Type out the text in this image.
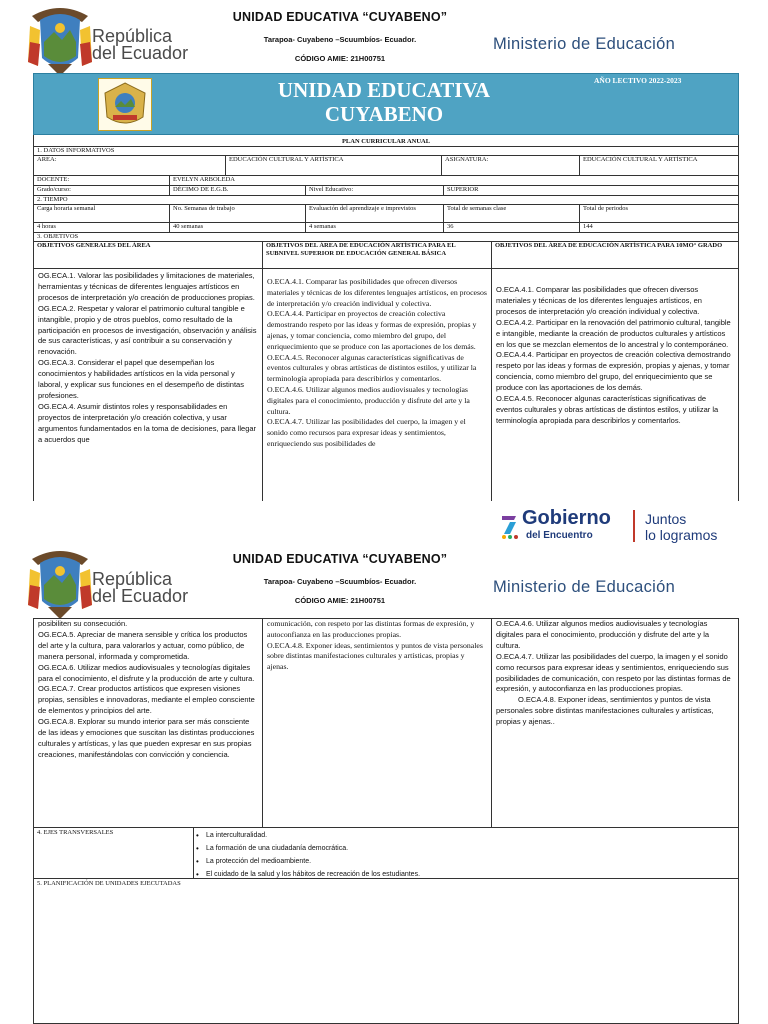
República
del Ecuador
UNIDAD EDUCATIVA “CUYABENO”
Tarapoa- Cuyabeno –Scuumbíos- Ecuador.
CÓDIGO AMIE: 21H00751
Ministerio de Educación
UNIDAD EDUCATIVA
CUYABENO
AÑO LECTIVO 2022-2023
PLAN CURRICULAR ANUAL
1. DATOS INFORMATIVOS
AREA:	EDUCACIÓN CULTURAL Y ARTÍSTICA	ASIGNATURA:	EDUCACIÓN CULTURAL Y ARTÍSTICA
DOCENTE:	EVELYN ARBOLEDA
Grado/curso:	DÉCIMO DE E.G.B.	Nivel Educativo:	SUPERIOR
2. TIEMPO
Carga horaria semanal	No. Semanas de trabajo	Evaluación del aprendizaje e imprevistos	Total de semanas clase	Total de periodos
4 horas	40 semanas	4 semanas	36	144
3. OBJETIVOS
OBJETIVOS GENERALES DEL ÁREA	OBJETIVOS DEL ÁREA DE EDUCACIÓN ARTÍSTICA PARA EL SUBNIVEL SUPERIOR DE EDUCACIÓN GENERAL BÁSICA
OBJETIVOS DEL ÁREA DE EDUCACIÓN ARTÍSTICA PARA 10MO° GRADO

OG.ECA.1. Valorar las posibilidades y limitaciones de materiales, herramientas y técnicas de diferentes lenguajes artísticos en procesos de interpretación y/o creación de producciones propias.

OG.ECA.2. Respetar y valorar el patrimonio cultural tangible e intangible, propio y de otros pueblos, como resultado de la participación en procesos de investigación, observación y análisis de sus características, y así contribuir a su conservación y renovación.

OG.ECA.3. Considerar el papel que desempeñan los conocimientos y habilidades artísticos en la vida personal y laboral, y explicar sus funciones en el desempeño de distintas profesiones.

OG.ECA.4. Asumir distintos roles y responsabilidades en proyectos de interpretación y/o creación colectiva, y usar argumentos fundamentados en la toma de decisiones, para llegar a acuerdos que

O.ECA.4.1. Comparar las posibilidades que ofrecen diversos materiales y técnicas de los diferentes lenguajes artísticos, en procesos de interpretación y/o creación individual y colectiva.

O.ECA.4.4. Participar en proyectos de creación colectiva demostrando respeto por las ideas y formas de expresión, propias y ajenas, y tomar conciencia, como miembro del grupo, del enriquecimiento que se produce con las aportaciones de los demás.

O.ECA.4.5. Reconocer algunas características significativas de eventos culturales y obras artísticas de distintos estilos, y utilizar la terminología apropiada para describirlos y comentarlos.

O.ECA.4.6. Utilizar algunos medios audiovisuales y tecnologías digitales para el conocimiento, producción y disfrute del arte y la cultura.

O.ECA.4.7. Utilizar las posibilidades del cuerpo, la imagen y el sonido como recursos para expresar ideas y sentimientos, enriqueciendo sus posibilidades de

O.ECA.4.1. Comparar las posibilidades que ofrecen diversos materiales y técnicas de los diferentes lenguajes artísticos, en procesos de interpretación y/o creación individual y colectiva.

O.ECA.4.2. Participar en la renovación del patrimonio cultural, tangible e intangible, mediante la creación de productos culturales y artísticos en los que se mezclan elementos de lo ancestral y lo contemporáneo.

O.ECA.4.4. Participar en proyectos de creación colectiva demostrando respeto por las ideas y formas de expresión, propias y ajenas, y tomar conciencia, como miembro del grupo, del enriquecimiento que se produce con las aportaciones de los demás.

O.ECA.4.5. Reconocer algunas características significativas de eventos culturales y obras artísticas de distintos estilos, y utilizar la terminología apropiada para describirlos y comentarlos.

Gobierno
del Encuentro
Juntos
lo logramos
República
del Ecuador
UNIDAD EDUCATIVA “CUYABENO”
Tarapoa- Cuyabeno –Scuumbíos- Ecuador.
CÓDIGO AMIE: 21H00751
Ministerio de Educación

posibiliten su consecución.

OG.ECA.5. Apreciar de manera sensible y crítica los productos del arte y la cultura, para valorarlos y actuar, como público, de manera personal, informada y comprometida.

OG.ECA.6. Utilizar medios audiovisuales y tecnologías digitales para el conocimiento, el disfrute y la producción de arte y cultura.

OG.ECA.7. Crear productos artísticos que expresen visiones propias, sensibles e innovadoras, mediante el empleo consciente de elementos y principios del arte.

OG.ECA.8. Explorar su mundo interior para ser más consciente de las ideas y emociones que suscitan las distintas producciones culturales y artísticas, y las que pueden expresar en sus propias creaciones, manifestándolas con convicción y conciencia.

comunicación, con respeto por las distintas formas de expresión, y autoconfianza en las producciones propias.

O.ECA.4.8. Exponer ideas, sentimientos y puntos de vista personales sobre distintas manifestaciones culturales y artísticas, propias y ajenas.

O.ECA.4.6. Utilizar algunos medios audiovisuales y tecnologías digitales para el conocimiento, producción y disfrute del arte y la cultura.

O.ECA.4.7. Utilizar las posibilidades del cuerpo, la imagen y el sonido como recursos para expresar ideas y sentimientos, enriqueciendo sus posibilidades de comunicación, con respeto por las distintas formas de expresión, y autoconfianza en las producciones propias.

O.ECA.4.8. Exponer ideas, sentimientos y puntos de vista personales sobre distintas manifestaciones culturales y artísticas, propias y ajenas..

4. EJES TRANSVERSALES
•	La interculturalidad.
• La formación de una ciudadanía democrática.
• La protección del medioambiente.
• El cuidado de la salud y los hábitos de recreación de los estudiantes.
5. PLANIFICACIÓN DE UNIDADES EJECUTADAS
